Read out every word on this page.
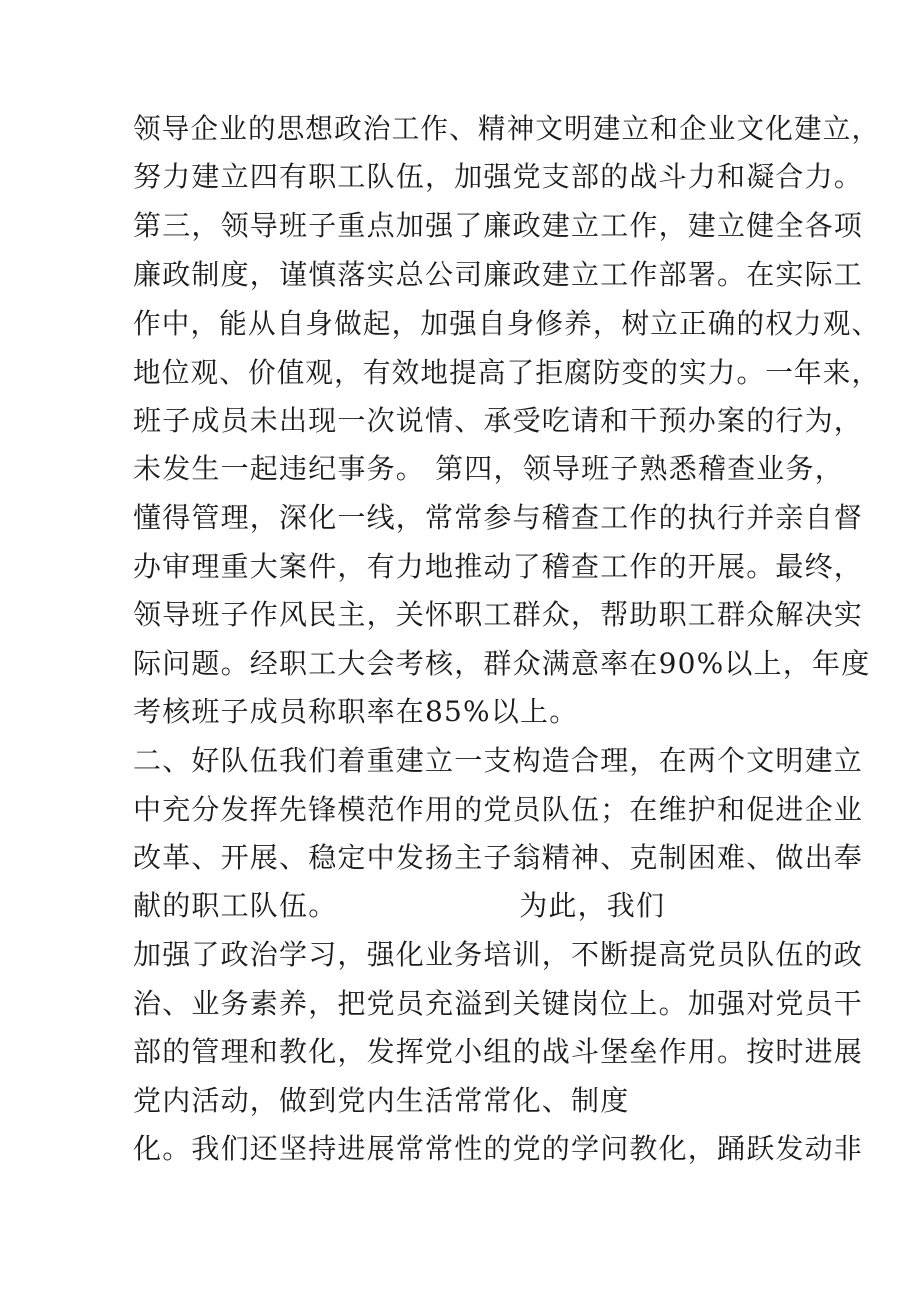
领导企业的思想政治工作、精神文明建立和企业文化建立，
努力建立四有职工队伍，加强党支部的战斗力和凝合力。
第三，领导班子重点加强了廉政建立工作，建立健全各项
廉政制度，谨慎落实总公司廉政建立工作部署。在实际工
作中，能从自身做起，加强自身修养，树立正确的权力观、
地位观、价值观，有效地提高了拒腐防变的实力。一年来，
班子成员未出现一次说情、承受吃请和干预办案的行为，
未发生一起违纪事务。 第四，领导班子熟悉稽查业务，
懂得管理，深化一线，常常参与稽查工作的执行并亲自督
办审理重大案件，有力地推动了稽查工作的开展。最终，
领导班子作风民主，关怀职工群众，帮助职工群众解决实
际问题。经职工大会考核，群众满意率在90%以上，年度
考核班子成员称职率在85%以上。
二、好队伍我们着重建立一支构造合理，在两个文明建立
中充分发挥先锋模范作用的党员队伍；在维护和促进企业
改革、开展、稳定中发扬主子翁精神、克制困难、做出奉
献的职工队伍。                  为此，我们
加强了政治学习，强化业务培训，不断提高党员队伍的政
治、业务素养，把党员充溢到关键岗位上。加强对党员干
部的管理和教化，发挥党小组的战斗堡垒作用。按时进展
党内活动，做到党内生活常常化、制度
化。我们还坚持进展常常性的党的学问教化，踊跃发动非
